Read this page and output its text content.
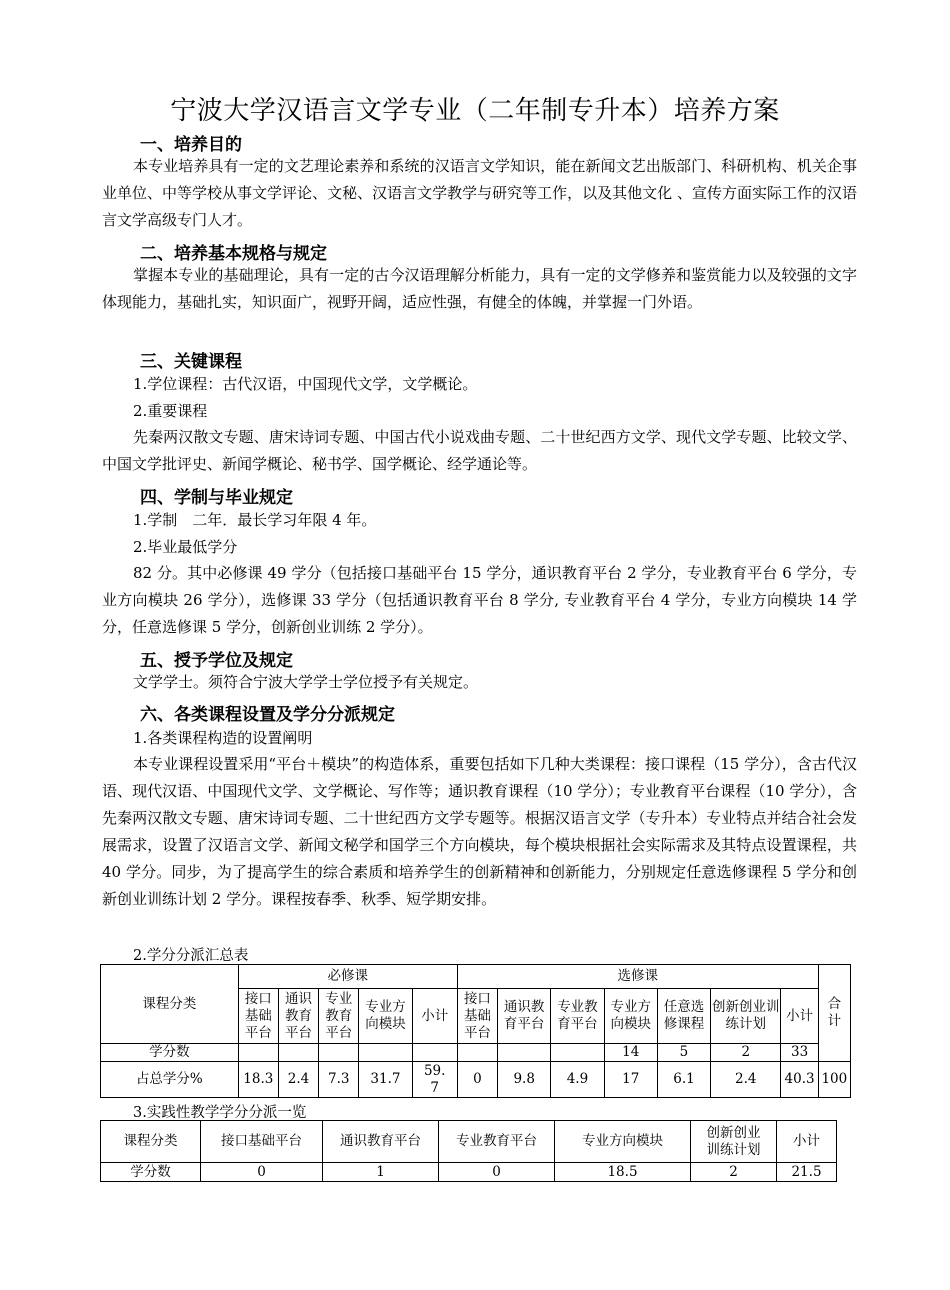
宁波大学汉语言文学专业（二年制专升本）培养方案
一、培养目的
本专业培养具有一定的文艺理论素养和系统的汉语言文学知识，能在新闻文艺出版部门、科研机构、机关企事业单位、中等学校从事文学评论、文秘、汉语言文学教学与研究等工作，以及其他文化 、宣传方面实际工作的汉语言文学高级专门人才。
二、培养基本规格与规定
掌握本专业的基础理论，具有一定的古今汉语理解分析能力，具有一定的文学修养和鉴赏能力以及较强的文字体现能力，基础扎实，知识面广，视野开阔，适应性强，有健全的体魄，并掌握一门外语。
三、关键课程
1.学位课程：古代汉语，中国现代文学，文学概论。
2.重要课程
先秦两汉散文专题、唐宋诗词专题、中国古代小说戏曲专题、二十世纪西方文学、现代文学专题、比较文学、中国文学批评史、新闻学概论、秘书学、国学概论、经学通论等。
四、学制与毕业规定
1.学制　二年．最长学习年限 4 年。
2.毕业最低学分
82 分。其中必修课 49 学分（包括接口基础平台 15 学分，通识教育平台 2 学分，专业教育平台 6 学分，专业方向模块 26 学分），选修课 33 学分（包括通识教育平台 8 学分, 专业教育平台 4 学分，专业方向模块 14 学分，任意选修课 5 学分，创新创业训练 2 学分）。
五、授予学位及规定
文学学士。须符合宁波大学学士学位授予有关规定。
六、各类课程设置及学分分派规定
1.各类课程构造的设置阐明
本专业课程设置采用“平台＋模块”的构造体系，重要包括如下几种大类课程：接口课程（15 学分），含古代汉语、现代汉语、中国现代文学、文学概论、写作等；通识教育课程（10 学分）；专业教育平台课程（10 学分），含先秦两汉散文专题、唐宋诗词专题、二十世纪西方文学专题等。根据汉语言文学（专升本）专业特点并结合社会发展需求，设置了汉语言文学、新闻文秘学和国学三个方向模块，每个模块根据社会实际需求及其特点设置课程，共 40 学分。同步，为了提高学生的综合素质和培养学生的创新精神和创新能力，分别规定任意选修课程 5 学分和创新创业训练计划 2 学分。课程按春季、秋季、短学期安排。
2.学分分派汇总表
课程分类	必修课					选修课							合计

	接口基础平台	通识教育平台	专业教育平台	专业方向模块	小计	接口基础平台	通识教育平台	专业教育平台	专业方向模块	任意选修课程	创新创业训练计划	小计	
学分数									14	5	2	33	
占总学分%	18.3	2.4	7.3	31.7	59.7	0	9.8	4.9	17	6.1	2.4	40.3	100
3.实践性教学学分分派一览
课程分类	接口基础平台	通识教育平台	专业教育平台	专业方向模块	创新创业训练计划	小计
学分数	0	1	0	18.5	2	21.5
